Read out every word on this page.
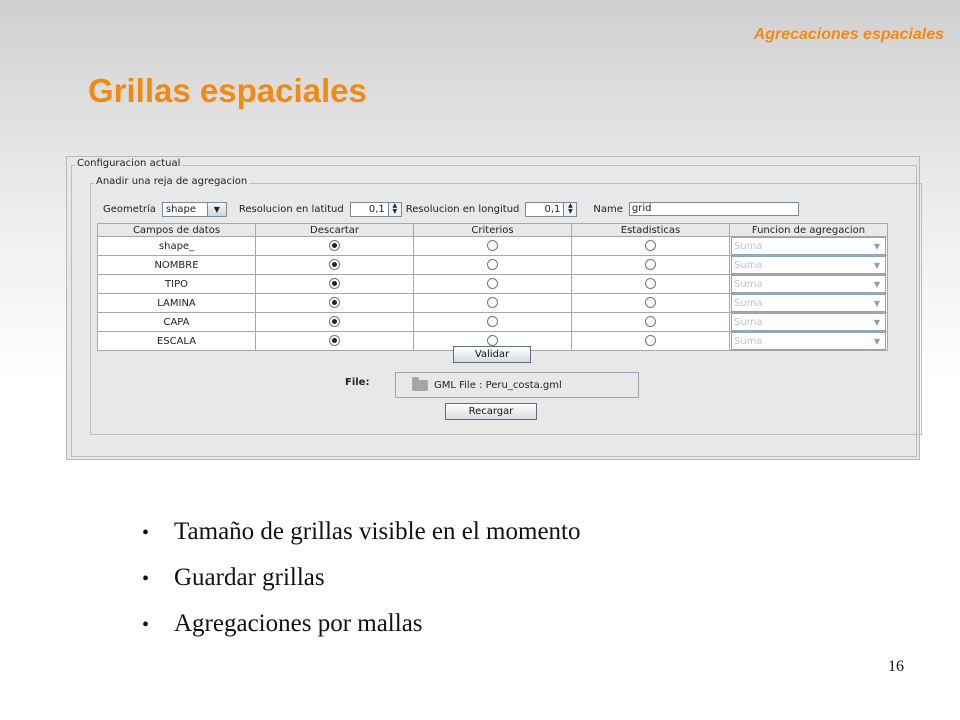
Agrecaciones espaciales
Grillas espaciales
Configuracion actual
Anadir una reja de agregacion
Geometría	shape	▼	Resolucion en latitud	0,1	▲
▼ Resolucion en longitud	0,1	▲
▼	Name grid
Campos de datos	Descartar	Criterios	Estadisticas	Funcion de agregacion
shape_				Suma ▼

NOMBRE				Suma ▼

TIPO				Suma ▼

LAMINA				Suma ▼

CAPA				Suma ▼

ESCALA				Suma ▼
Validar
File:	GML File : Peru_costa.gml
Recargar
• Tamaño de grillas visible en el momento
• Guardar grillas
• Agregaciones por mallas
16
